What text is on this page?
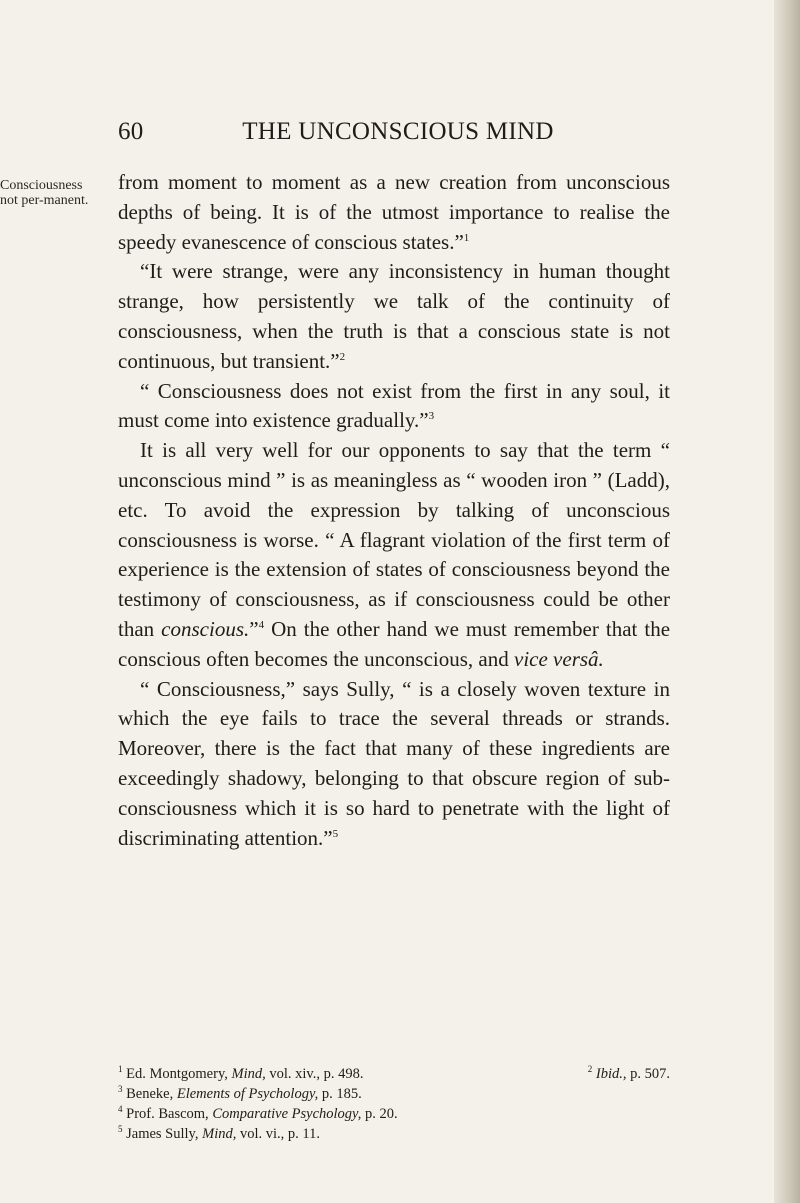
60	THE UNCONSCIOUS MIND

Consciousness not per-manent.
from moment to moment as a new creation from unconscious depths of being. It is of the utmost importance to realise the speedy evanescence of conscious states.”$^1$

“It were strange, were any inconsistency in human thought strange, how persistently we talk of the continuity of consciousness, when the truth is that a conscious state is not continuous, but transient.”$^2$

“ Consciousness does not exist from the first in any soul, it must come into existence gradually.”$^3$

It is all very well for our opponents to say that the term “ unconscious mind ” is as meaningless as “ wooden iron ” (Ladd), etc. To avoid the expression by talking of unconscious consciousness is worse. “ A flagrant violation of the first term of experience is the extension of states of consciousness beyond the testimony of consciousness, as if consciousness could be other than conscious.”$^4$ On the other hand we must remember that the conscious often becomes the unconscious, and vice versâ.

“ Consciousness,” says Sully, “ is a closely woven texture in which the eye fails to trace the several threads or strands. Moreover, there is the fact that many of these ingredients are exceedingly shadowy, belonging to that obscure region of sub-consciousness which it is so hard to penetrate with the light of discriminating attention.”$^5$

$^1$ Ed. Montgomery, Mind, vol. xiv., p. 498.	$^2$ Ibid., p. 507.
$^3$ Beneke, Elements of Psychology, p. 185.
$^4$ Prof. Bascom, Comparative Psychology, p. 20.
$^5$ James Sully, Mind, vol. vi., p. 11.
